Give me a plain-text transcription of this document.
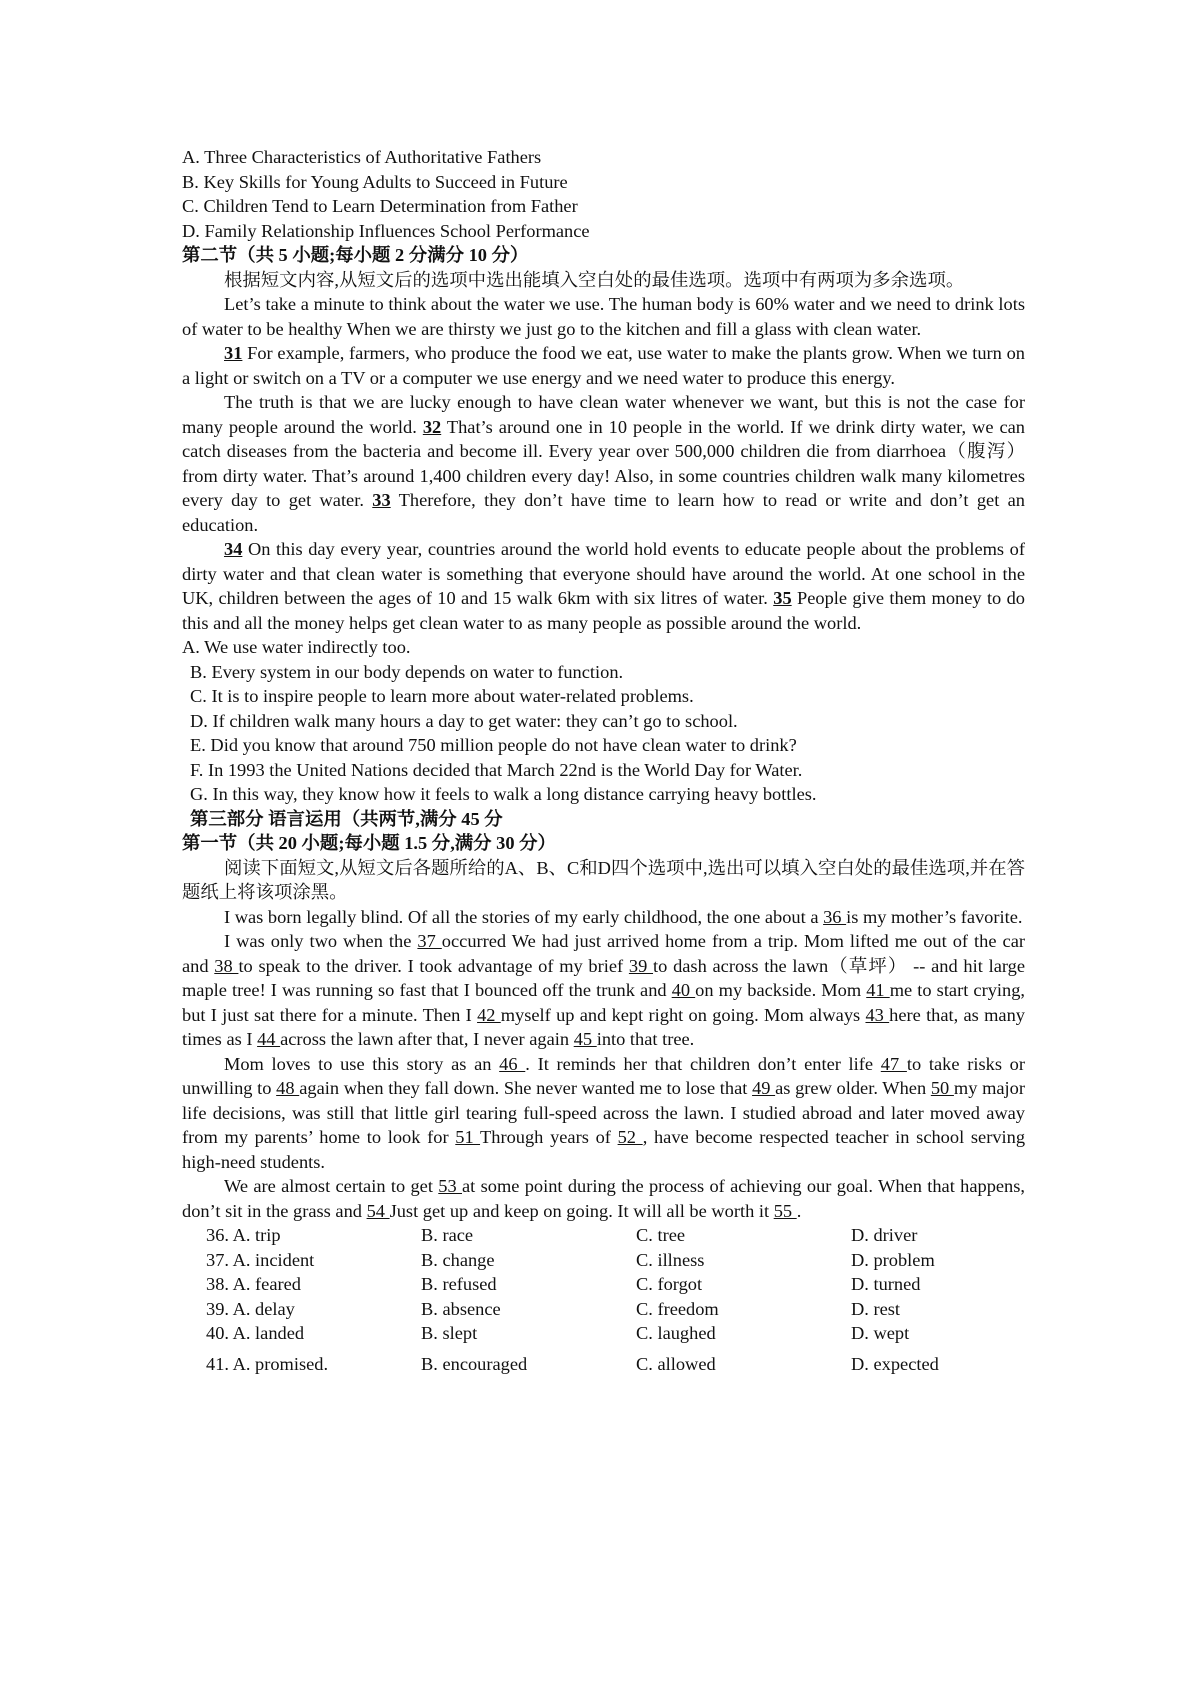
A. Three Characteristics of Authoritative Fathers
B. Key Skills for Young Adults to Succeed in Future
C. Children Tend to Learn Determination from Father
D. Family Relationship Influences School Performance
第二节（共 5 小题;每小题 2 分满分 10 分）

根据短文内容,从短文后的选项中选出能填入空白处的最佳选项。选项中有两项为多余选项。

Let’s take a minute to think about the water we use. The human body is 60% water and we need to drink lots of water to be healthy When we are thirsty we just go to the kitchen and fill a glass with clean water.

31 For example, farmers, who produce the food we eat, use water to make the plants grow. When we turn on a light or switch on a TV or a computer we use energy and we need water to produce this energy.

The truth is that we are lucky enough to have clean water whenever we want, but this is not the case for many people around the world. 32 That’s around one in 10 people in the world. If we drink dirty water, we can catch diseases from the bacteria and become ill. Every year over 500,000 children die from diarrhoea（腹泻） from dirty water. That’s around 1,400 children every day! Also, in some countries children walk many kilometres every day to get water. 33 Therefore, they don’t have time to learn how to read or write and don’t get an education.

34 On this day every year, countries around the world hold events to educate people about the problems of dirty water and that clean water is something that everyone should have around the world. At one school in the UK, children between the ages of 10 and 15 walk 6km with six litres of water. 35 People give them money to do this and all the money helps get clean water to as many people as possible around the world.

A. We use water indirectly too.
B. Every system in our body depends on water to function.
C. It is to inspire people to learn more about water-related problems.
D. If children walk many hours a day to get water: they can’t go to school.
E. Did you know that around 750 million people do not have clean water to drink?
F. In 1993 the United Nations decided that March 22nd is the World Day for Water.
G. In this way, they know how it feels to walk a long distance carrying heavy bottles.
第三部分 语言运用（共两节,满分 45 分
第一节（共 20 小题;每小题 1.5 分,满分 30 分）

阅读下面短文,从短文后各题所给的A、B、C和D四个选项中,选出可以填入空白处的最佳选项,并在答题纸上将该项涂黑。

I was born legally blind. Of all the stories of my early childhood, the one about a 36 is my mother’s favorite.

I was only two when the 37 occurred We had just arrived home from a trip. Mom lifted me out of the car and 38 to speak to the driver. I took advantage of my brief 39 to dash across the lawn（草坪） -- and hit large maple tree! I was running so fast that I bounced off the trunk and 40 on my backside. Mom 41 me to start crying, but I just sat there for a minute. Then I 42 myself up and kept right on going. Mom always 43 here that, as many times as I 44 across the lawn after that, I never again 45 into that tree.

Mom loves to use this story as an 46 . It reminds her that children don’t enter life 47 to take risks or unwilling to 48 again when they fall down. She never wanted me to lose that 49 as grew older. When 50 my major life decisions, was still that little girl tearing full-speed across the lawn. I studied abroad and later moved away from my parents’ home to look for 51 Through years of 52 , have become respected teacher in school serving high-need students.

We are almost certain to get 53 at some point during the process of achieving our goal. When that happens, don’t sit in the grass and 54 Just get up and keep on going. It will all be worth it 55 .

36. A. trip	B. race	C. tree	D. driver
37. A. incident	B. change	C. illness	D. problem
38. A. feared	B. refused	C. forgot	D. turned
39. A. delay	B. absence	C. freedom	D. rest
40. A. landed	B. slept	C. laughed	D. wept
41. A. promised.	B. encouraged	C. allowed	D. expected
